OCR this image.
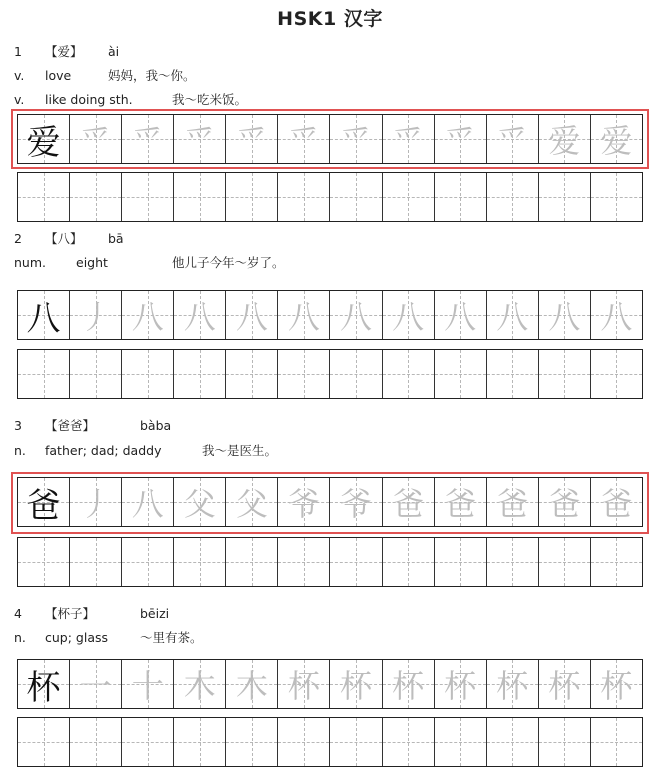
HSK1 汉字
1 【爱】 ài
v. love	妈妈，我～你。
v. like doing sth.	我～吃米饭。
爱 爫 爫 爫 爫 爫 爫 爫 爫 爫 爱 爱
2 【八】 bā
num. eight	他儿子今年～岁了。
八 丿 八 八 八 八 八 八 八 八 八 八
3 【爸爸】	bàba
n. father; dad; daddy	我～是医生。
爸 丿 八 父 父 爷 爷 爸 爸 爸 爸 爸
4 【杯子】	bēizi
n. cup; glass	～里有茶。
杯 一 十 木 木 杯 杯 杯 杯 杯 杯 杯
